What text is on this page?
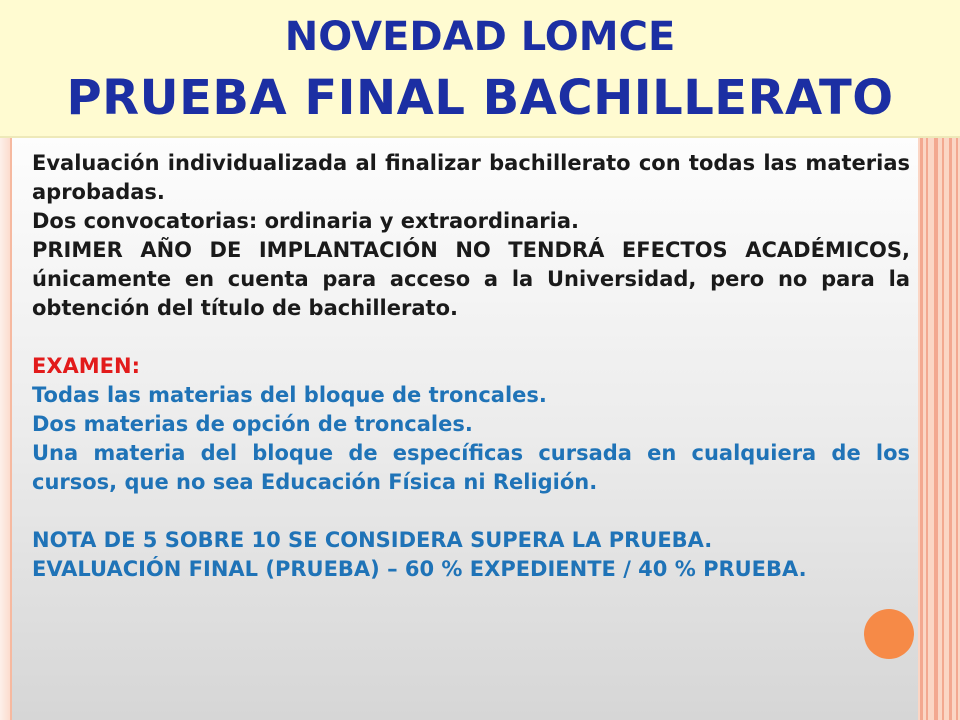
NOVEDAD LOMCE
PRUEBA FINAL BACHILLERATO

Evaluación individualizada al finalizar bachillerato con todas las materias aprobadas.

Dos convocatorias: ordinaria y extraordinaria.

PRIMER AÑO DE IMPLANTACIÓN NO TENDRÁ EFECTOS ACADÉMICOS, únicamente en cuenta para acceso a la Universidad, pero no para la obtención del título de bachillerato.

EXAMEN:

Todas las materias del bloque de troncales.

Dos materias de opción de troncales.

Una materia del bloque de específicas cursada en cualquiera de los cursos, que no sea Educación Física ni Religión.

NOTA DE 5 SOBRE 10 SE CONSIDERA SUPERA LA PRUEBA.

EVALUACIÓN FINAL (PRUEBA) – 60 % EXPEDIENTE / 40 % PRUEBA.
